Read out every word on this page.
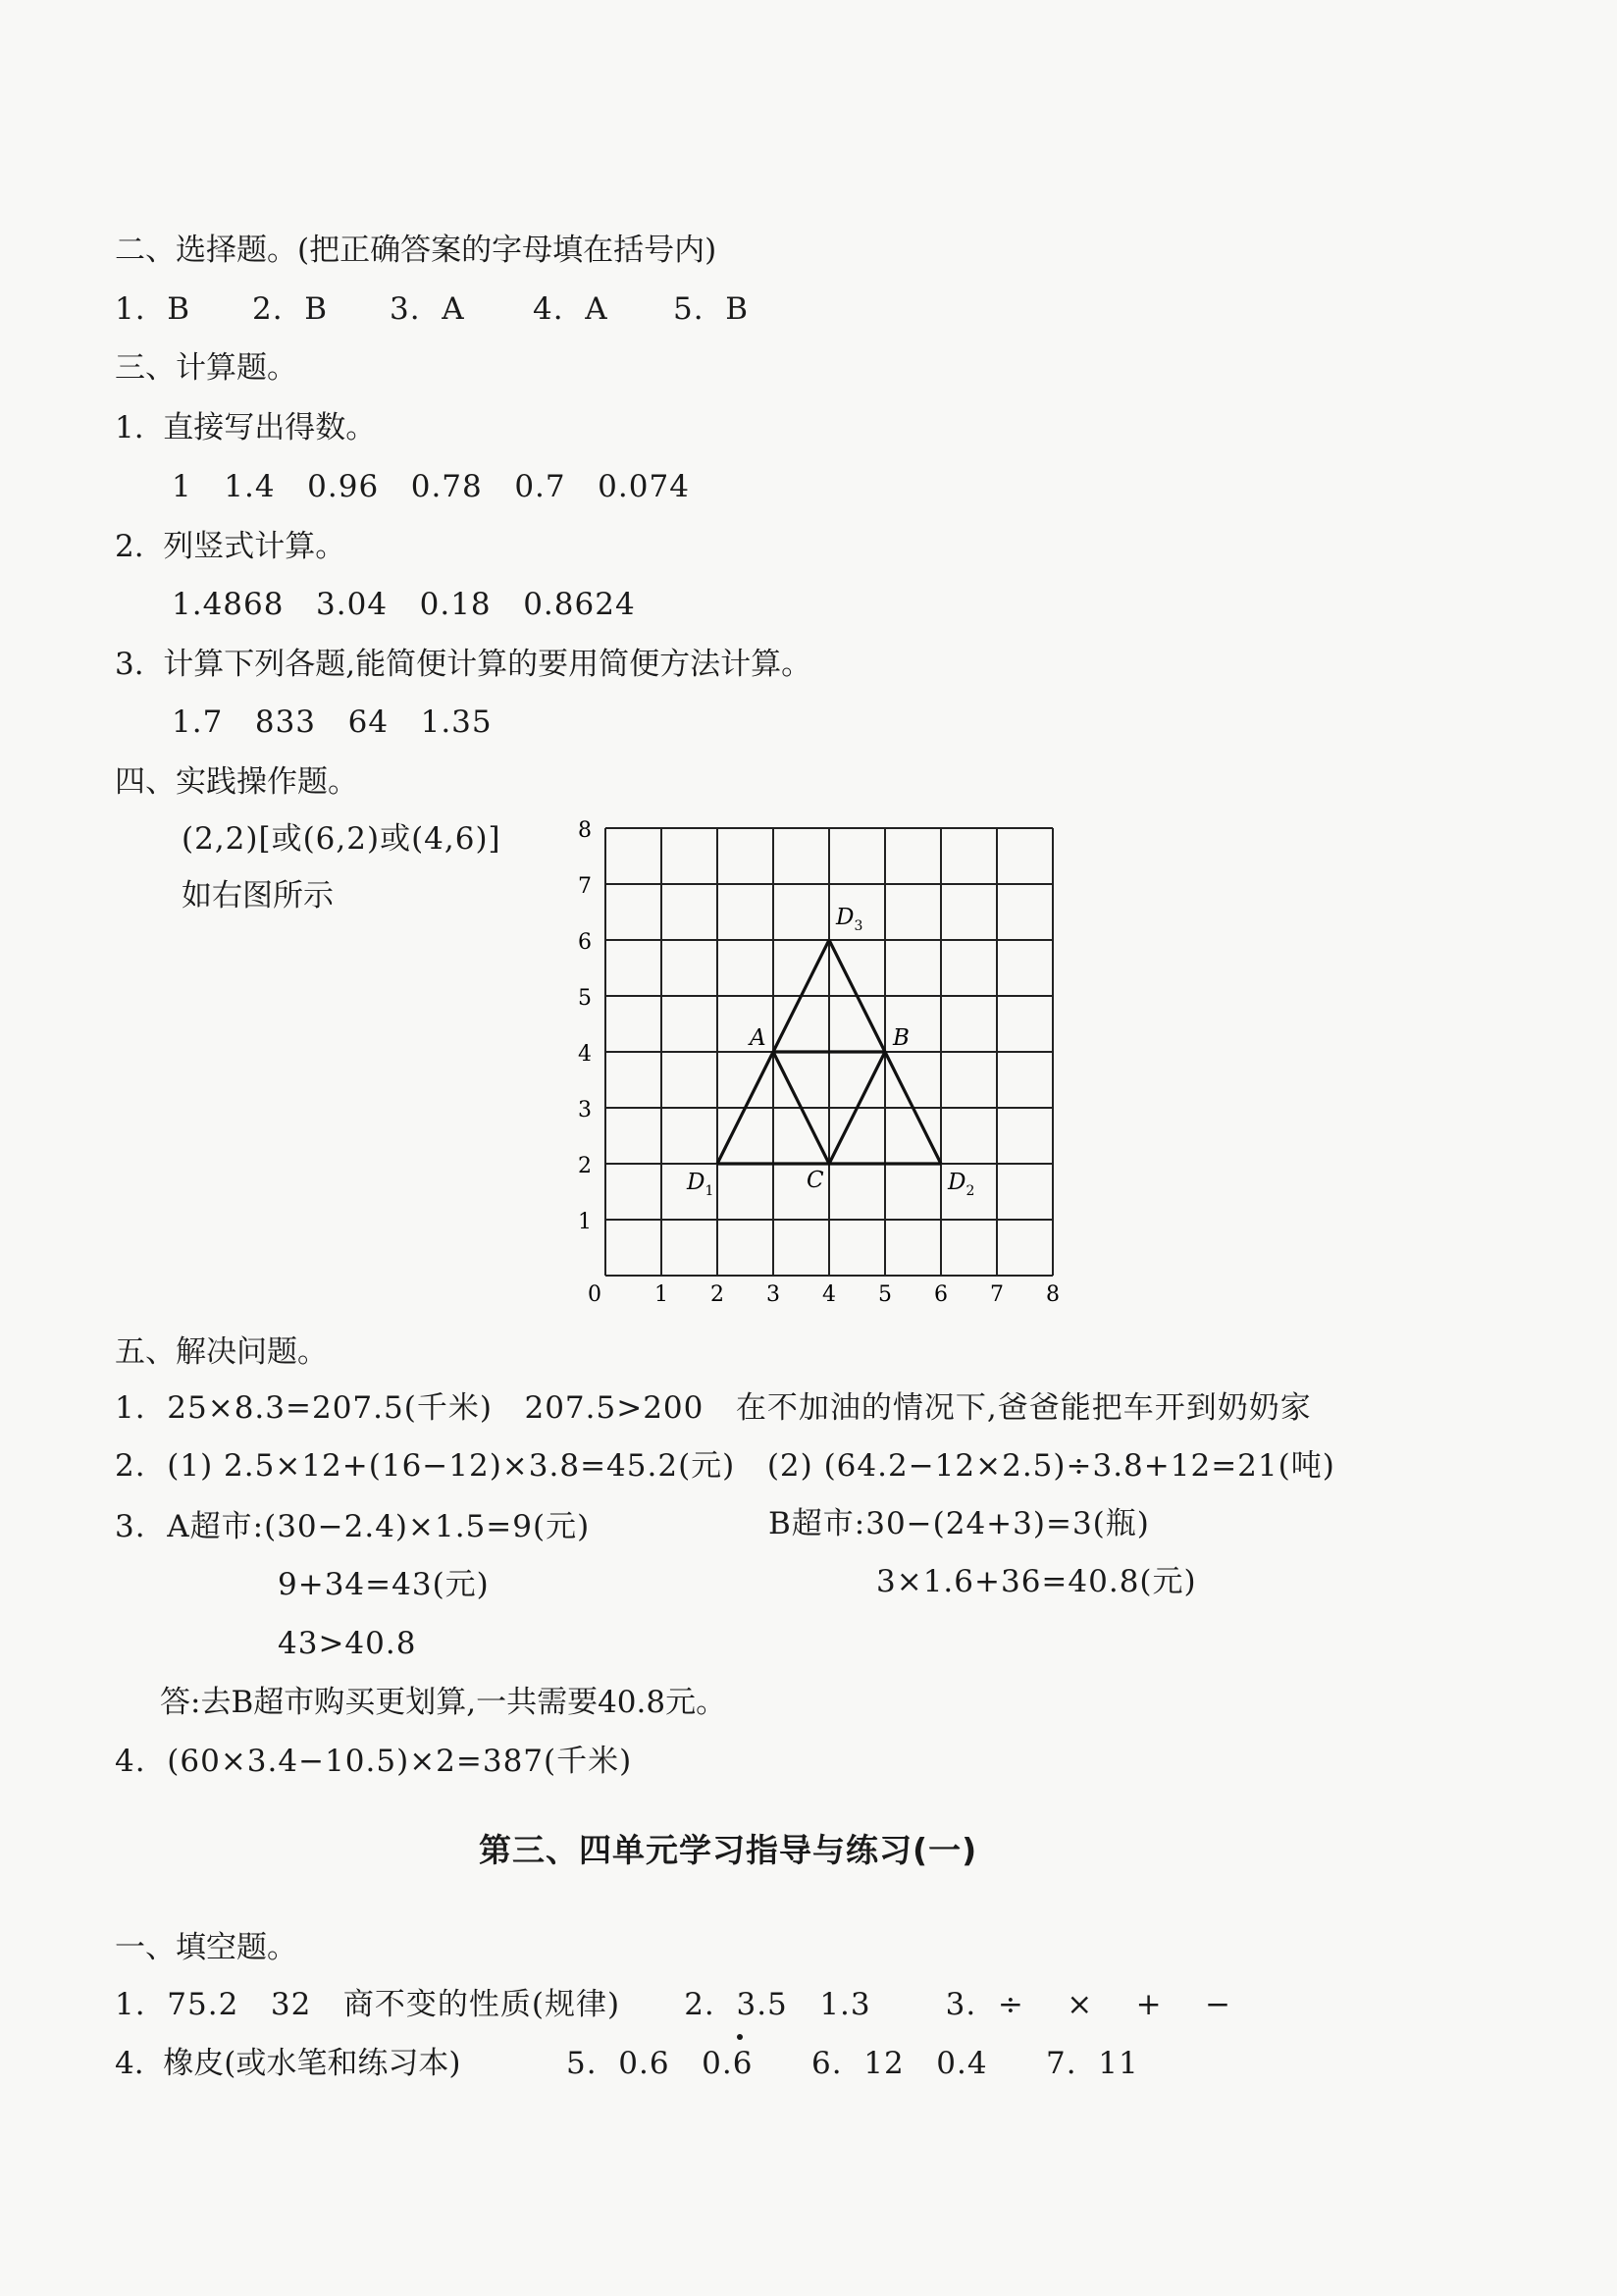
二、选择题。(把正确答案的字母填在括号内)
1.  B 2.  B 3.  A 4.  A 5.  B
三、计算题。
1.  直接写出得数。
1   1.4   0.96   0.78   0.7   0.074
2.  列竖式计算。
1.4868   3.04   0.18   0.8624
3.  计算下列各题,能简便计算的要用简便方法计算。
1.7   833   64   1.35
四、实践操作题。
(2,2)[或(6,2)或(4,6)]
如右图所示
0 1 2 3 4 5 6 7 8
1
2
3
4
5
6
7
8
A	B
C
$D_1$	$D_2$
$D_3$
五、解决问题。
1.  25×8.3=207.5(千米)   207.5>200   在不加油的情况下,爸爸能把车开到奶奶家
2.  (1) 2.5×12+(16−12)×3.8=45.2(元)   (2) (64.2−12×2.5)÷3.8+12=21(吨)
3.  A超市:(30−2.4)×1.5=9(元)	B超市:30−(24+3)=3(瓶)
9+34=43(元)	3×1.6+36=40.8(元)
43>40.8
答:去B超市购买更划算,一共需要40.8元。
4.  (60×3.4−10.5)×2=387(千米)
第三、四单元学习指导与练习(一)
一、填空题。
1.  75.2   32   商不变的性质(规律)      2.  3.5   1.3       3.  ÷    ×    +    −
4.  橡皮(或水笔和练习本)	5.  0.6   0.6 6.  12   0.4 7.  11
